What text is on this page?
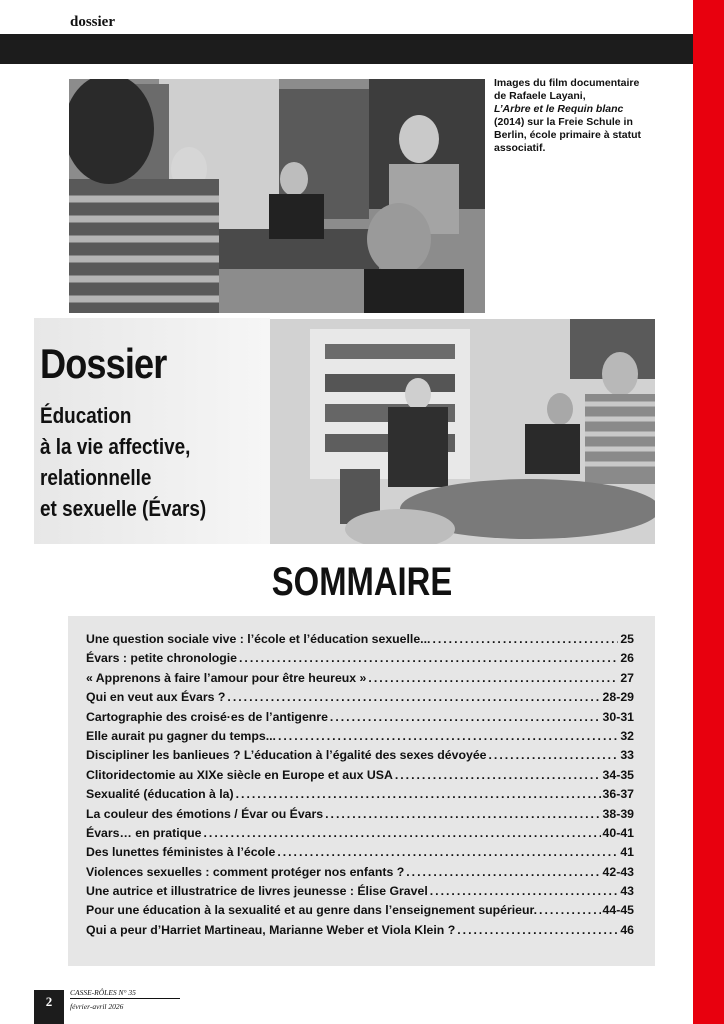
dossier
Images du film documentaire de Rafaele Layani,
L’Arbre et le Requin blanc (2014) sur la Freie Schule in Berlin, école primaire à statut associatif.
Dossier
Éducation
à la vie affective,
relationnelle
et sexuelle (Évars)
SOMMAIRE
Une question sociale vive : l’école et l’éducation sexuelle... .....	25
Évars : petite chronologie .....	26
« Apprenons à faire l’amour pour être heureux » .....	27
Qui en veut aux Évars ? .....	28-29
Cartographie des croisé·es de l’antigenre .....	30-31
Elle aurait pu gagner du temps... .....	32
Discipliner les banlieues ? L’éducation à l’égalité des sexes dévoyée .....	33
Clitoridectomie au XIXe siècle en Europe et aux USA .....	34-35
Sexualité (éducation à la) .....	36-37
La couleur des émotions / Évar ou Évars .....	38-39
Évars… en pratique .....	40-41
Des lunettes féministes à l’école .....	41
Violences sexuelles : comment protéger nos enfants ? .....	42-43
Une autrice et illustratrice de livres jeunesse : Élise Gravel .....	43
Pour une éducation à la sexualité et au genre dans l’enseignement supérieur. .....	44-45
Qui a peur d’Harriet Martineau, Marianne Weber et Viola Klein ? .....	46
2
CASSE-RÔLES N° 35
février-avril 2026
